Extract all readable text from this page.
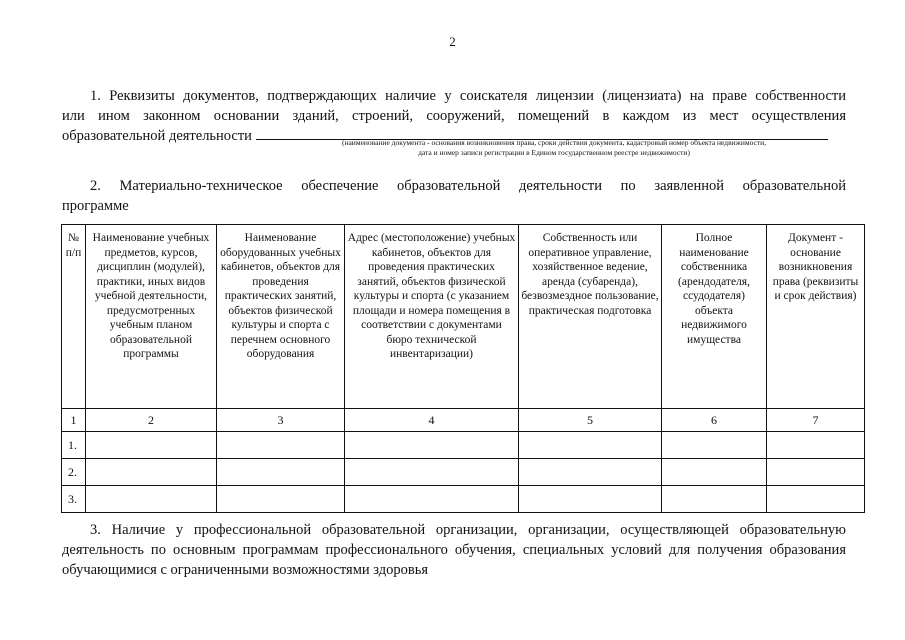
2
1. Реквизиты документов, подтверждающих наличие у соискателя лицензии (лицензиата) на праве собственности
или ином законном основании зданий, строений, сооружений, помещений в каждом из мест осуществления
образовательной деятельности	(наименование документа - основания возникновения права, сроки действия документа, кадастровый номер объекта недвижимости,
дата и номер записи регистрации в Едином государственном реестре недвижимости)
2. Материально-техническое обеспечение образовательной деятельности по заявленной образовательной
программе
№ п/п	Наименование учебных предметов, курсов, дисциплин (модулей), практики, иных видов учебной деятельности, предусмотренных учебным планом образовательной программы	Наименование оборудованных учебных кабинетов, объектов для проведения практических занятий, объектов физической культуры и спорта с перечнем основного оборудования	Адрес (местоположение) учебных кабинетов, объектов для проведения практических занятий, объектов физической культуры и спорта (с указанием площади и номера помещения в соответствии с документами бюро технической инвентаризации)	Собственность или оперативное управление, хозяйственное ведение, аренда (субаренда), безвозмездное пользование, практическая подготовка	Полное наименование собственника (арендодателя, ссудодателя) объекта недвижимого имущества	Документ - основание возникновения права (реквизиты и срок действия)
1	2	3	4	5	6	7
1.						
2.						
3.						
3. Наличие у профессиональной образовательной организации, организации, осуществляющей образовательную
деятельность по основным программам профессионального обучения, специальных условий для получения образования
обучающимися с ограниченными возможностями здоровья
